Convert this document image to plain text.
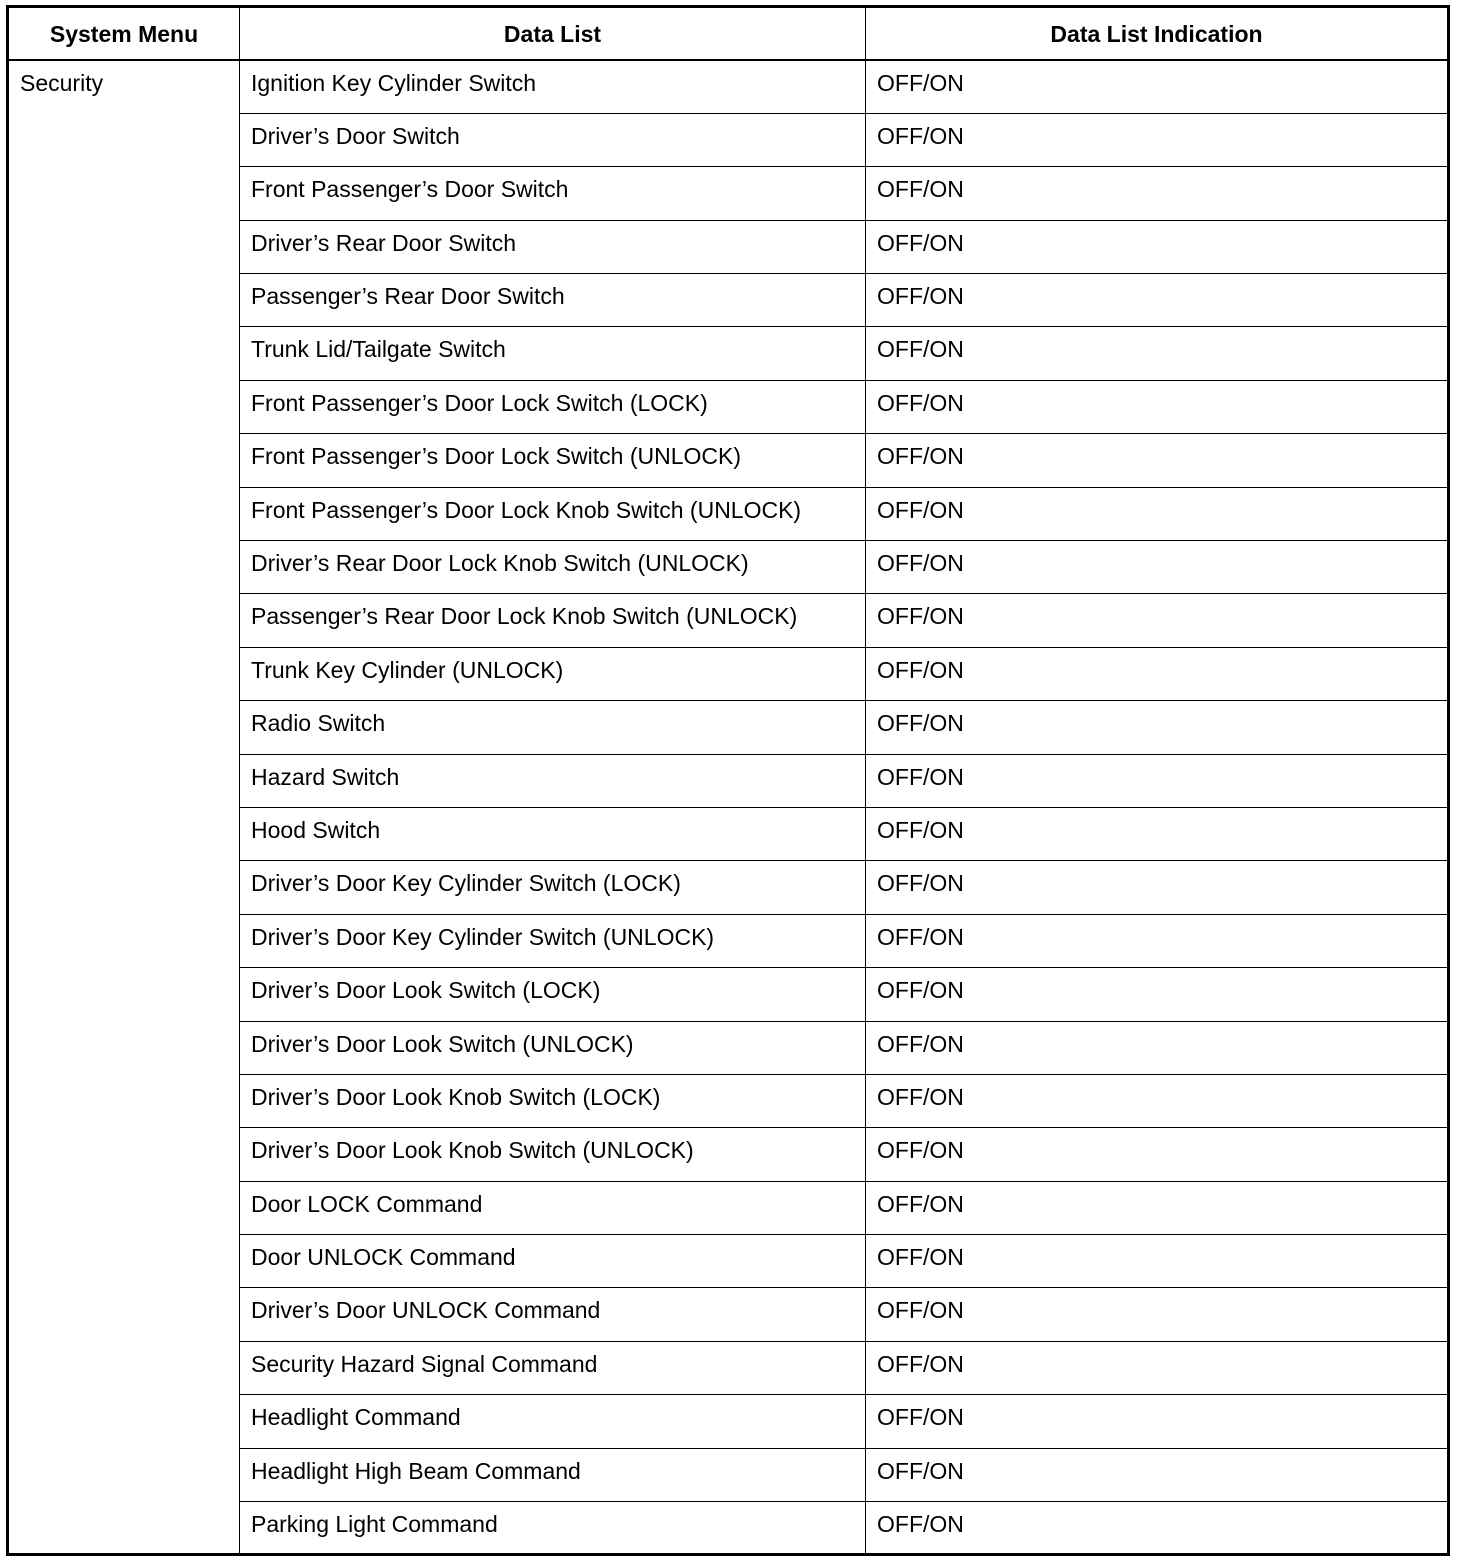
System Menu	Data List	Data List Indication
Security	Ignition Key Cylinder Switch	OFF/ON
	Driver’s Door Switch	OFF/ON
	Front Passenger’s Door Switch	OFF/ON
	Driver’s Rear Door Switch	OFF/ON
	Passenger’s Rear Door Switch	OFF/ON
	Trunk Lid/Tailgate Switch	OFF/ON
	Front Passenger’s Door Lock Switch (LOCK)	OFF/ON
	Front Passenger’s Door Lock Switch (UNLOCK)	OFF/ON
	Front Passenger’s Door Lock Knob Switch (UNLOCK)	OFF/ON
	Driver’s Rear Door Lock Knob Switch (UNLOCK)	OFF/ON
	Passenger’s Rear Door Lock Knob Switch (UNLOCK)	OFF/ON
	Trunk Key Cylinder (UNLOCK)	OFF/ON
	Radio Switch	OFF/ON
	Hazard Switch	OFF/ON
	Hood Switch	OFF/ON
	Driver’s Door Key Cylinder Switch (LOCK)	OFF/ON
	Driver’s Door Key Cylinder Switch (UNLOCK)	OFF/ON
	Driver’s Door Look Switch (LOCK)	OFF/ON
	Driver’s Door Look Switch (UNLOCK)	OFF/ON
	Driver’s Door Look Knob Switch (LOCK)	OFF/ON
	Driver’s Door Look Knob Switch (UNLOCK)	OFF/ON
	Door LOCK Command	OFF/ON
	Door UNLOCK Command	OFF/ON
	Driver’s Door UNLOCK Command	OFF/ON
	Security Hazard Signal Command	OFF/ON
	Headlight Command	OFF/ON
	Headlight High Beam Command	OFF/ON
	Parking Light Command	OFF/ON
